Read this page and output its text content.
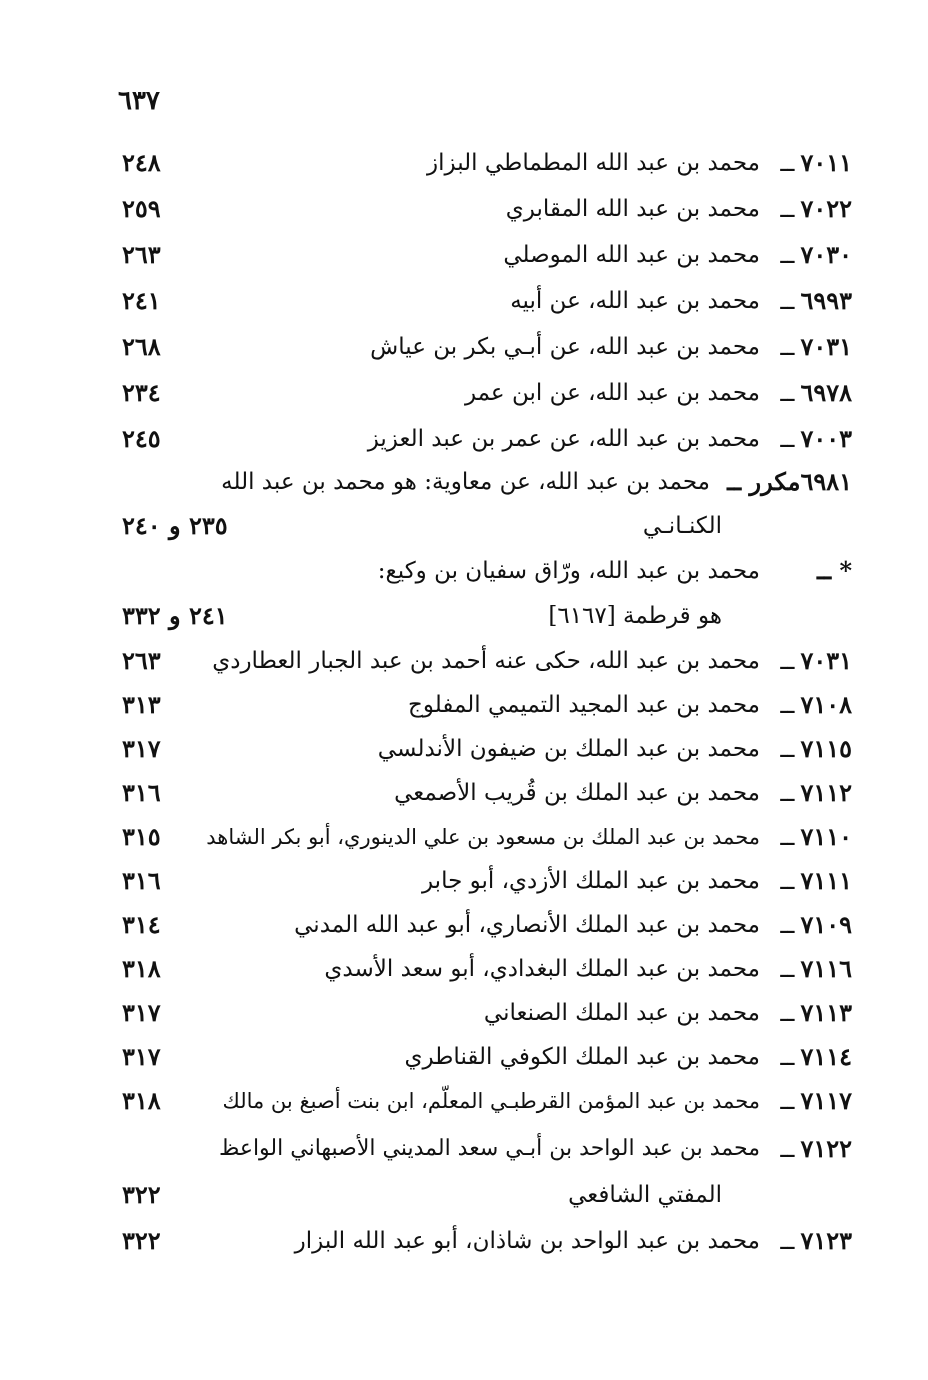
٦٣٧
٧٠١١ــ
محمد بن عبد الله المطماطي البزاز
٢٤٨
٧٠٢٢ــ
محمد بن عبد الله المقابري
٢٥٩
٧٠٣٠ــ
محمد بن عبد الله الموصلي
٢٦٣
٦٩٩٣ــ
محمد بن عبد الله، عن أبيه
٢٤١
٧٠٣١ــ
محمد بن عبد الله، عن أبـي بكر بن عياش
٢٦٨
٦٩٧٨ــ
محمد بن عبد الله، عن ابن عمر
٢٣٤
٧٠٠٣ــ
محمد بن عبد الله، عن عمر بن عبد العزيز
٢٤٥
٦٩٨١مكرر ــ
محمد بن عبد الله، عن معاوية: هو محمد بن عبد الله
الكنـانـي
٢٣٥ و ٢٤٠
* ــ
محمد بن عبد الله، ورّاق سفيان بن وكيع:
هو قرطمة [٦١٦٧]
٢٤١ و ٣٣٢
٧٠٣١ــ
محمد بن عبد الله، حكى عنه أحمد بن عبد الجبار العطاردي
٢٦٣
٧١٠٨ــ
محمد بن عبد المجيد التميمي المفلوج
٣١٣
٧١١٥ــ
محمد بن عبد الملك بن ضيفون الأندلسي
٣١٧
٧١١٢ــ
محمد بن عبد الملك بن قُريب الأصمعي
٣١٦
٧١١٠ــ
محمد بن عبد الملك بن مسعود بن علي الدينوري، أبو بكر الشاهد
٣١٥
٧١١١ــ
محمد بن عبد الملك الأزدي، أبو جابر
٣١٦
٧١٠٩ــ
محمد بن عبد الملك الأنصاري، أبو عبد الله المدني
٣١٤
٧١١٦ــ
محمد بن عبد الملك البغدادي، أبو سعد الأسدي
٣١٨
٧١١٣ــ
محمد بن عبد الملك الصنعاني
٣١٧
٧١١٤ــ
محمد بن عبد الملك الكوفي القناطري
٣١٧
٧١١٧ــ
محمد بن عبد المؤمن القرطبـي المعلّم، ابن بنت أصبغ بن مالك
٣١٨
٧١٢٢ــ
محمد بن عبد الواحد بن أبـي سعد المديني الأصبهاني الواعظ
المفتي الشافعي
٣٢٢
٧١٢٣ــ
محمد بن عبد الواحد بن شاذان، أبو عبد الله البزار
٣٢٢
